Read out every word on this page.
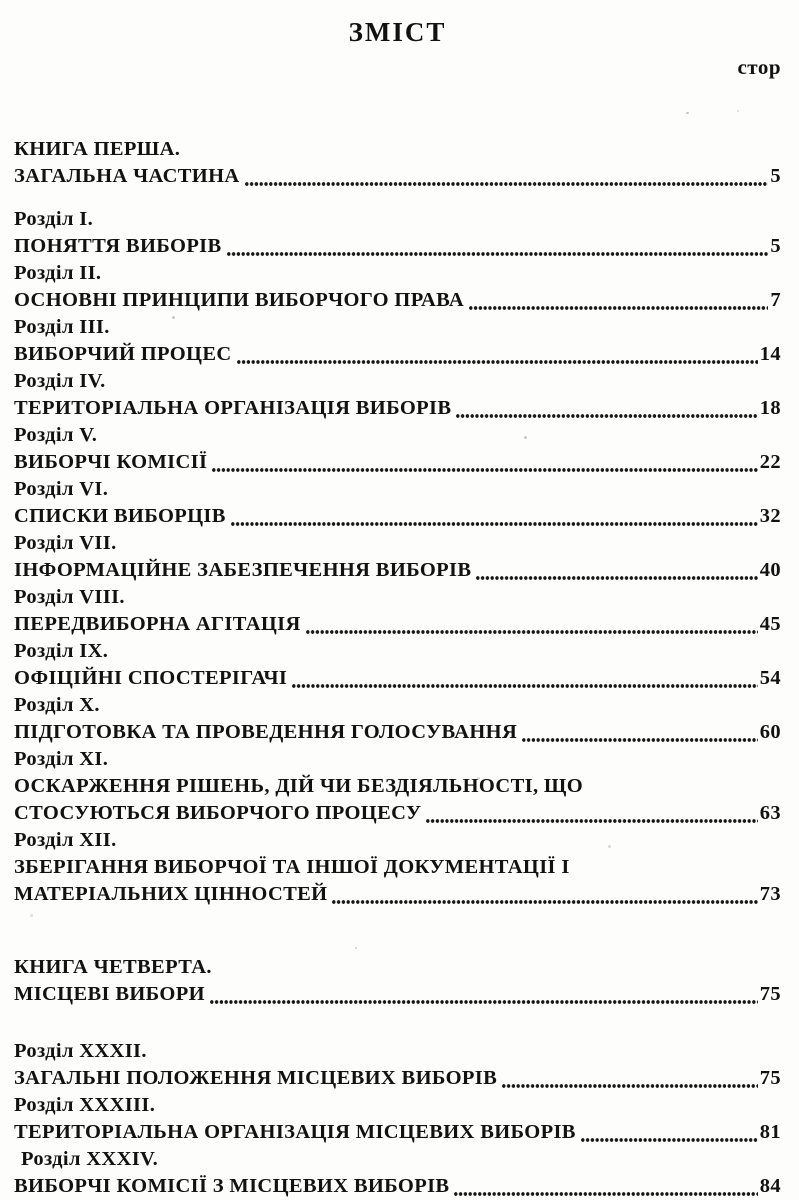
ЗМІСТ
стор
КНИГА ПЕРША.
ЗАГАЛЬНА ЧАСТИНА	5
Розділ I.
ПОНЯТТЯ ВИБОРІВ	5
Розділ II.
ОСНОВНІ ПРИНЦИПИ ВИБОРЧОГО ПРАВА	7
Розділ III.
ВИБОРЧИЙ ПРОЦЕС	14
Розділ IV.
ТЕРИТОРІАЛЬНА ОРГАНІЗАЦІЯ ВИБОРІВ	18
Розділ V.
ВИБОРЧІ КОМІСІЇ	22
Розділ VI.
СПИСКИ ВИБОРЦІВ	32
Розділ VII.
ІНФОРМАЦІЙНЕ ЗАБЕЗПЕЧЕННЯ ВИБОРІВ	40
Розділ VIII.
ПЕРЕДВИБОРНА АГІТАЦІЯ	45
Розділ IX.
ОФІЦІЙНІ СПОСТЕРІГАЧІ	54
Розділ X.
ПІДГОТОВКА ТА ПРОВЕДЕННЯ ГОЛОСУВАННЯ	60
Розділ XI.
ОСКАРЖЕННЯ РІШЕНЬ, ДІЙ ЧИ БЕЗДІЯЛЬНОСТІ, ЩО
СТОСУЮТЬСЯ ВИБОРЧОГО ПРОЦЕСУ	63
Розділ XII.
ЗБЕРІГАННЯ ВИБОРЧОЇ ТА ІНШОЇ ДОКУМЕНТАЦІЇ І
МАТЕРІАЛЬНИХ ЦІННОСТЕЙ	73
КНИГА ЧЕТВЕРТА.
МІСЦЕВІ ВИБОРИ	75
Розділ XXXII.
ЗАГАЛЬНІ ПОЛОЖЕННЯ МІСЦЕВИХ ВИБОРІВ	75
Розділ XXXIII.
ТЕРИТОРІАЛЬНА ОРГАНІЗАЦІЯ МІСЦЕВИХ ВИБОРІВ	81
Розділ XXXIV.
ВИБОРЧІ КОМІСІЇ З МІСЦЕВИХ ВИБОРІВ	84
